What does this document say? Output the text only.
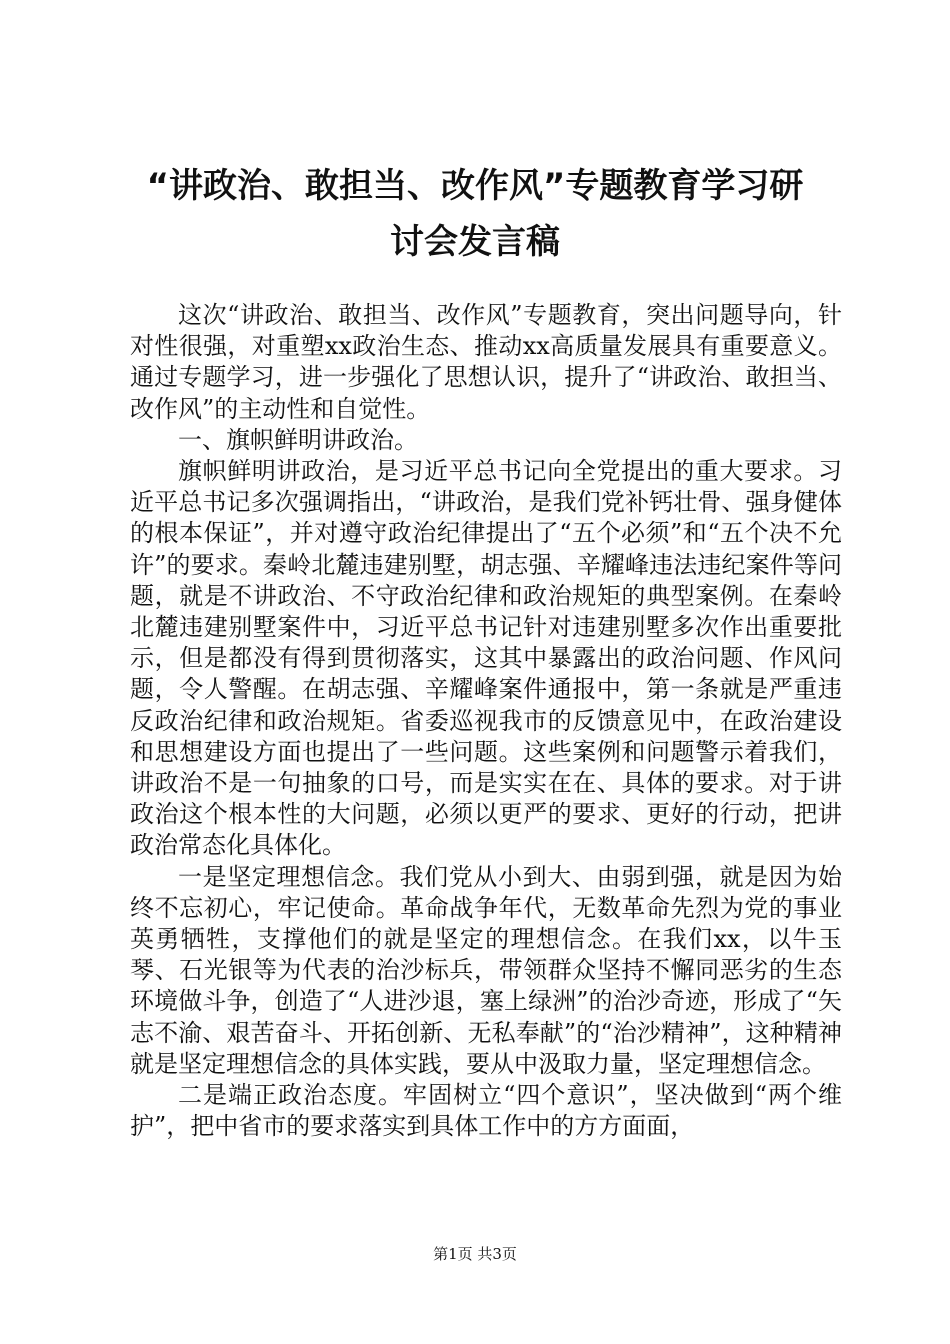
“讲政治、敢担当、改作风”专题教育学习研
讨会发言稿

这次“讲政治、敢担当、改作风”专题教育，突出问题导向，针对性很强，对重塑xx政治生态、推动xx高质量发展具有重要意义。通过专题学习，进一步强化了思想认识，提升了“讲政治、敢担当、改作风”的主动性和自觉性。

一、旗帜鲜明讲政治。

旗帜鲜明讲政治，是习近平总书记向全党提出的重大要求。习近平总书记多次强调指出，“讲政治，是我们党补钙壮骨、强身健体的根本保证”，并对遵守政治纪律提出了“五个必须”和“五个决不允许”的要求。秦岭北麓违建别墅，胡志强、辛耀峰违法违纪案件等问题，就是不讲政治、不守政治纪律和政治规矩的典型案例。在秦岭北麓违建别墅案件中，习近平总书记针对违建别墅多次作出重要批示，但是都没有得到贯彻落实，这其中暴露出的政治问题、作风问题，令人警醒。在胡志强、辛耀峰案件通报中，第一条就是严重违反政治纪律和政治规矩。省委巡视我市的反馈意见中，在政治建设和思想建设方面也提出了一些问题。这些案例和问题警示着我们，讲政治不是一句抽象的口号，而是实实在在、具体的要求。对于讲政治这个根本性的大问题，必须以更严的要求、更好的行动，把讲政治常态化具体化。

一是坚定理想信念。我们党从小到大、由弱到强，就是因为始终不忘初心，牢记使命。革命战争年代，无数革命先烈为党的事业英勇牺牲，支撑他们的就是坚定的理想信念。在我们xx，以牛玉琴、石光银等为代表的治沙标兵，带领群众坚持不懈同恶劣的生态环境做斗争，创造了“人进沙退，塞上绿洲”的治沙奇迹，形成了“矢志不渝、艰苦奋斗、开拓创新、无私奉献”的“治沙精神”，这种精神就是坚定理想信念的具体实践，要从中汲取力量，坚定理想信念。

二是端正政治态度。牢固树立“四个意识”，坚决做到“两个维护”，把中省市的要求落实到具体工作中的方方面面，

第1页 共3页
